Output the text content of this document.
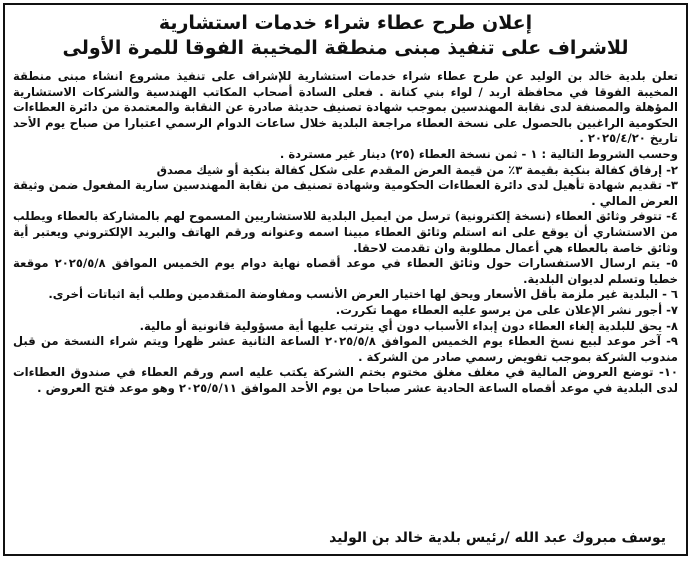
إعلان طرح عطاء شراء خدمات استشارية
للاشراف على تنفيذ مبنى منطقة المخيبة الفوقا للمرة الأولى

تعلن بلدية خالد بن الوليد عن طرح عطاء شراء خدمات استشارية للإشراف على تنفيذ مشروع انشاء مبنى منطقة المخيبة الفوقا في محافظة اربد / لواء بني كنانة . فعلى السادة أصحاب المكاتب الهندسية والشركات الاستشارية المؤهلة والمصنفة لدى نقابة المهندسين بموجب شهادة تصنيف حديثة صادرة عن النقابة والمعتمدة من دائرة العطاءات الحكومية الراغبين بالحصول على نسخة العطاء مراجعة البلدية خلال ساعات الدوام الرسمي اعتبارا من صباح يوم الأحد تاريخ ٢٠٢٥/٤/٢٠ .

وحسب الشروط التالية : ١ - ثمن نسخة العطاء (٢٥) دينار غير مستردة .

٢- إرفاق كفالة بنكية بقيمة ٣٪ من قيمة العرض المقدم على شكل كفالة بنكية أو شيك مصدق

٣- تقديم شهادة تأهيل لدى دائرة العطاءات الحكومية وشهادة تصنيف من نقابة المهندسين سارية المفعول ضمن وثيقة العرض المالي .

٤- تتوفر وثائق العطاء (نسخة إلكترونية) ترسل من ايميل البلدية للاستشاريين المسموح لهم بالمشاركة بالعطاء ويطلب من الاستشاري أن يوقع على انه استلم وثائق العطاء مبينا اسمه وعنوانه ورقم الهاتف والبريد الإلكتروني ويعتبر أية وثائق خاصة بالعطاء هي أعمال مطلوبة وان تقدمت لاحقا.

٥- يتم ارسال الاستفسارات حول وثائق العطاء في موعد أقصاه نهاية دوام يوم الخميس الموافق ٢٠٢٥/٥/٨ موقعة خطيا وتسلم لديوان البلدية.

٦ - البلدية غير ملزمة بأقل الأسعار ويحق لها اختيار العرض الأنسب ومفاوضة المتقدمين وطلب أية اثباتات أخرى.

٧- أجور نشر الإعلان على من يرسو عليه العطاء مهما تكررت.

٨- يحق للبلدية إلغاء العطاء دون إبداء الأسباب دون أي يترتب عليها أية مسؤولية قانونية أو مالية.

٩- آخر موعد لبيع نسخ العطاء يوم الخميس الموافق ٢٠٢٥/٥/٨ الساعة الثانية عشر ظهرا ويتم شراء النسخة من قبل مندوب الشركة بموجب تفويض رسمي صادر من الشركة .

١٠- توضع العروض المالية في مغلف مغلق مختوم بختم الشركة يكتب عليه اسم ورقم العطاء في صندوق العطاءات لدى البلدية في موعد أقصاه الساعة الحادية عشر صباحا من يوم الأحد الموافق ٢٠٢٥/٥/١١ وهو موعد فتح العروض .

يوسف مبروك عبد الله /رئيس بلدية خالد بن الوليد
